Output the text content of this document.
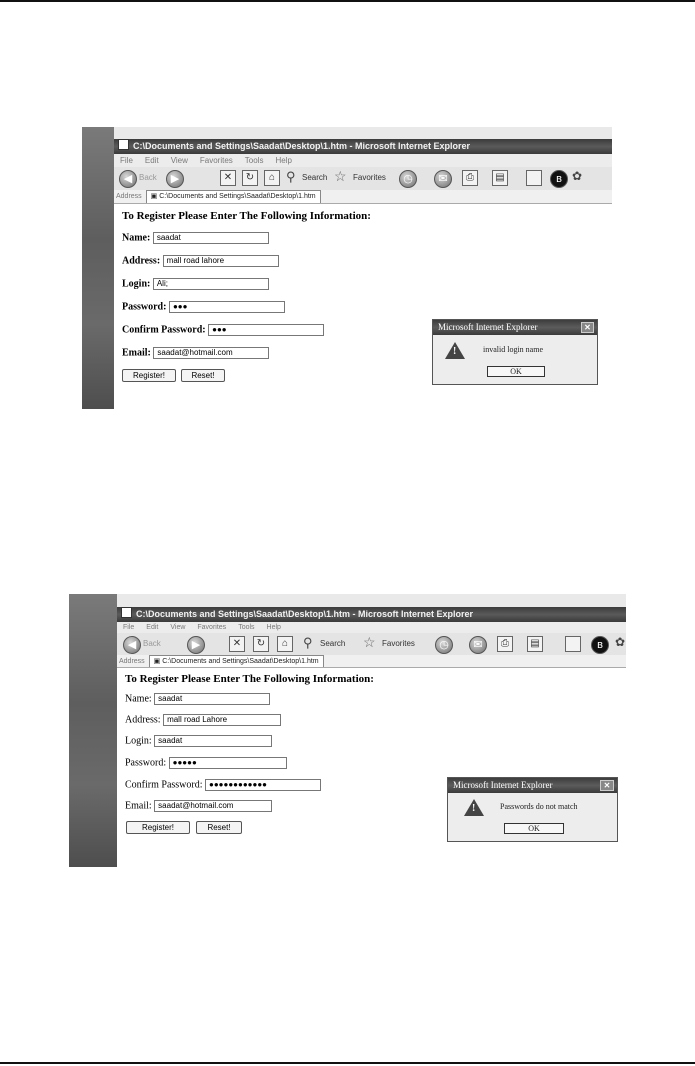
C:\Documents and Settings\Saadat\Desktop\1.htm - Microsoft Internet Explorer
File Edit View Favorites Tools Help
◀ Back	▶	✕	↻	⌂ ⚲ Search ☆ Favorites	◷	✉	⎙	▤	ʙ ✿
Address ▣ C:\Documents and Settings\Saadat\Desktop\1.htm
To Register Please Enter The Following Information:
Name: saadat
Address: mall road lahore
Login: Ali;
Password: ●●●
Confirm Password: ●●●
Email: saadat@hotmail.com
Register!	Reset!
Microsoft Internet Explorer	✕
!	invalid login name
OK
C:\Documents and Settings\Saadat\Desktop\1.htm - Microsoft Internet Explorer
File Edit View Favorites Tools Help
◀ Back	▶	✕	↻	⌂	⚲ Search ☆ Favorites	◷	✉	⎙	▤	ʙ	✿
Address ▣ C:\Documents and Settings\Saadat\Desktop\1.htm
To Register Please Enter The Following Information:
Name: saadat
Address: mall road Lahore
Login: saadat
Password: ●●●●●
Confirm Password: ●●●●●●●●●●●●
Email: saadat@hotmail.com
Register!	Reset!
Microsoft Internet Explorer	✕
!	Passwords do not match
OK
